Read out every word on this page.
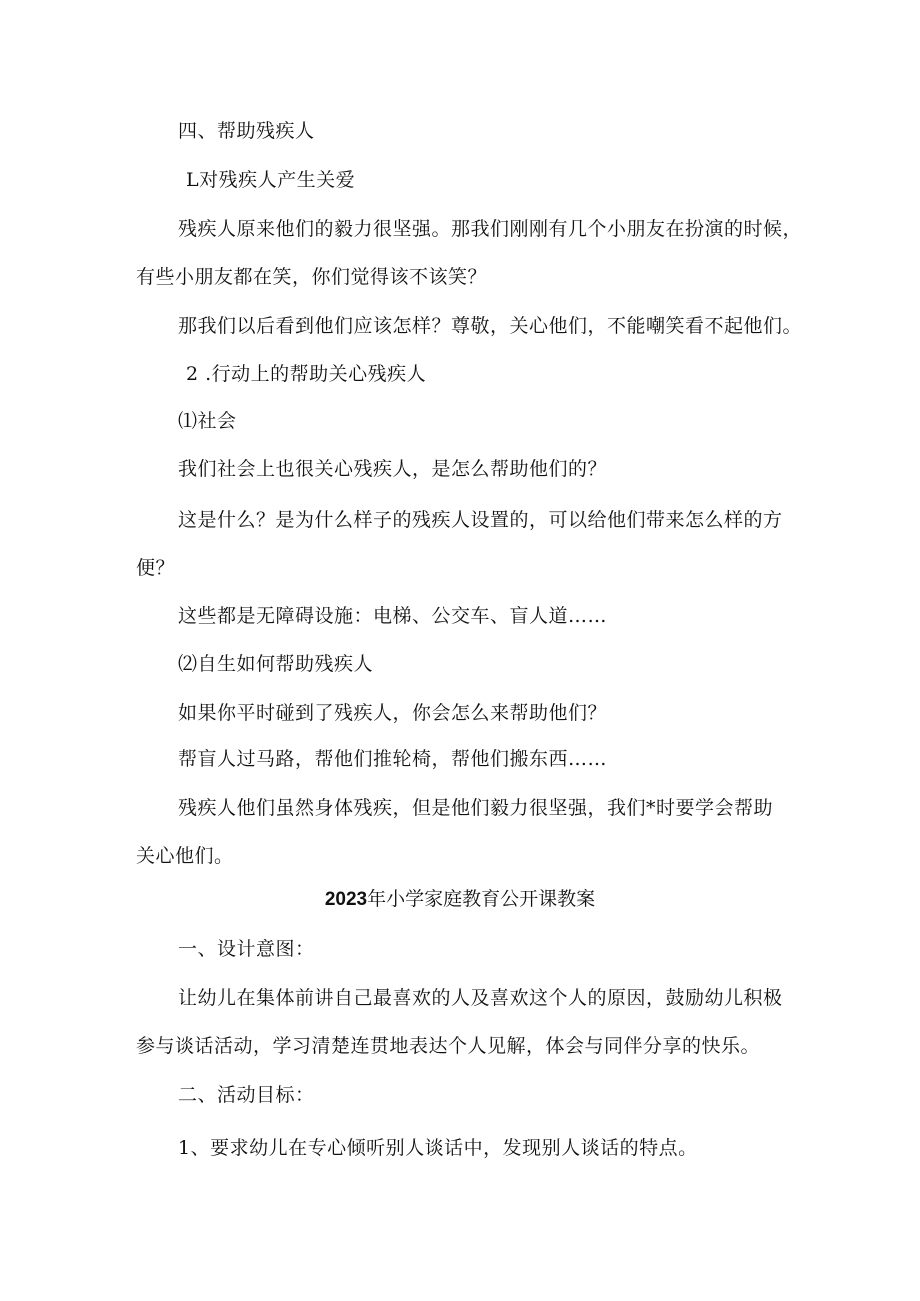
四、帮助残疾人
L对残疾人产生关爱
残疾人原来他们的毅力很坚强。那我们刚刚有几个小朋友在扮演的时候，
有些小朋友都在笑，你们觉得该不该笑？
那我们以后看到他们应该怎样？尊敬，关心他们，不能嘲笑看不起他们。
2 .行动上的帮助关心残疾人
⑴社会
我们社会上也很关心残疾人，是怎么帮助他们的？
这是什么？是为什么样子的残疾人设置的，可以给他们带来怎么样的方
便？
这些都是无障碍设施：电梯、公交车、盲人道……
⑵自生如何帮助残疾人
如果你平时碰到了残疾人，你会怎么来帮助他们？
帮盲人过马路，帮他们推轮椅，帮他们搬东西……
残疾人他们虽然身体残疾，但是他们毅力很坚强，我们*时要学会帮助
关心他们。
2023年小学家庭教育公开课教案
一、设计意图：
让幼儿在集体前讲自己最喜欢的人及喜欢这个人的原因，鼓励幼儿积极
参与谈话活动，学习清楚连贯地表达个人见解，体会与同伴分享的快乐。
二、活动目标：
1、要求幼儿在专心倾听别人谈话中，发现别人谈话的特点。
